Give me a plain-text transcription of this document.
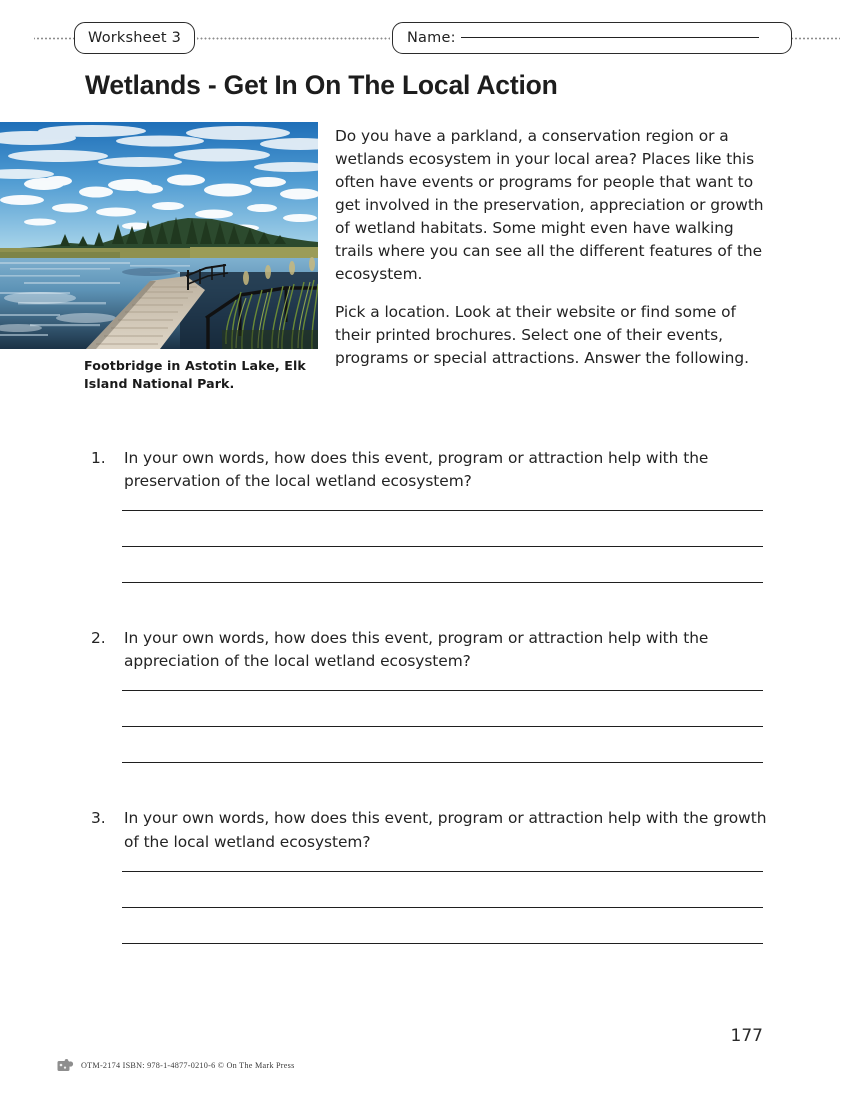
Worksheet 3	Name:
Wetlands - Get In On The Local Action
Footbridge in Astotin Lake, Elk Island National Park.

Do you have a parkland, a conservation region or a wetlands ecosystem in your local area? Places like this often have events or programs for people that want to get involved in the preservation, appreciation or growth of wetland habitats. Some might even have walking trails where you can see all the different features of the ecosystem.

Pick a location. Look at their website or find some of their printed brochures. Select one of their events, programs or special attractions. Answer the following.

1.	In your own words, how does this event, program or attraction help with the preservation of the local wetland ecosystem?
2.	In your own words, how does this event, program or attraction help with the appreciation of the local wetland ecosystem?
3.	In your own words, how does this event, program or attraction help with the growth of the local wetland ecosystem?
177
OTM-2174 ISBN: 978-1-4877-0210-6 © On The Mark Press
